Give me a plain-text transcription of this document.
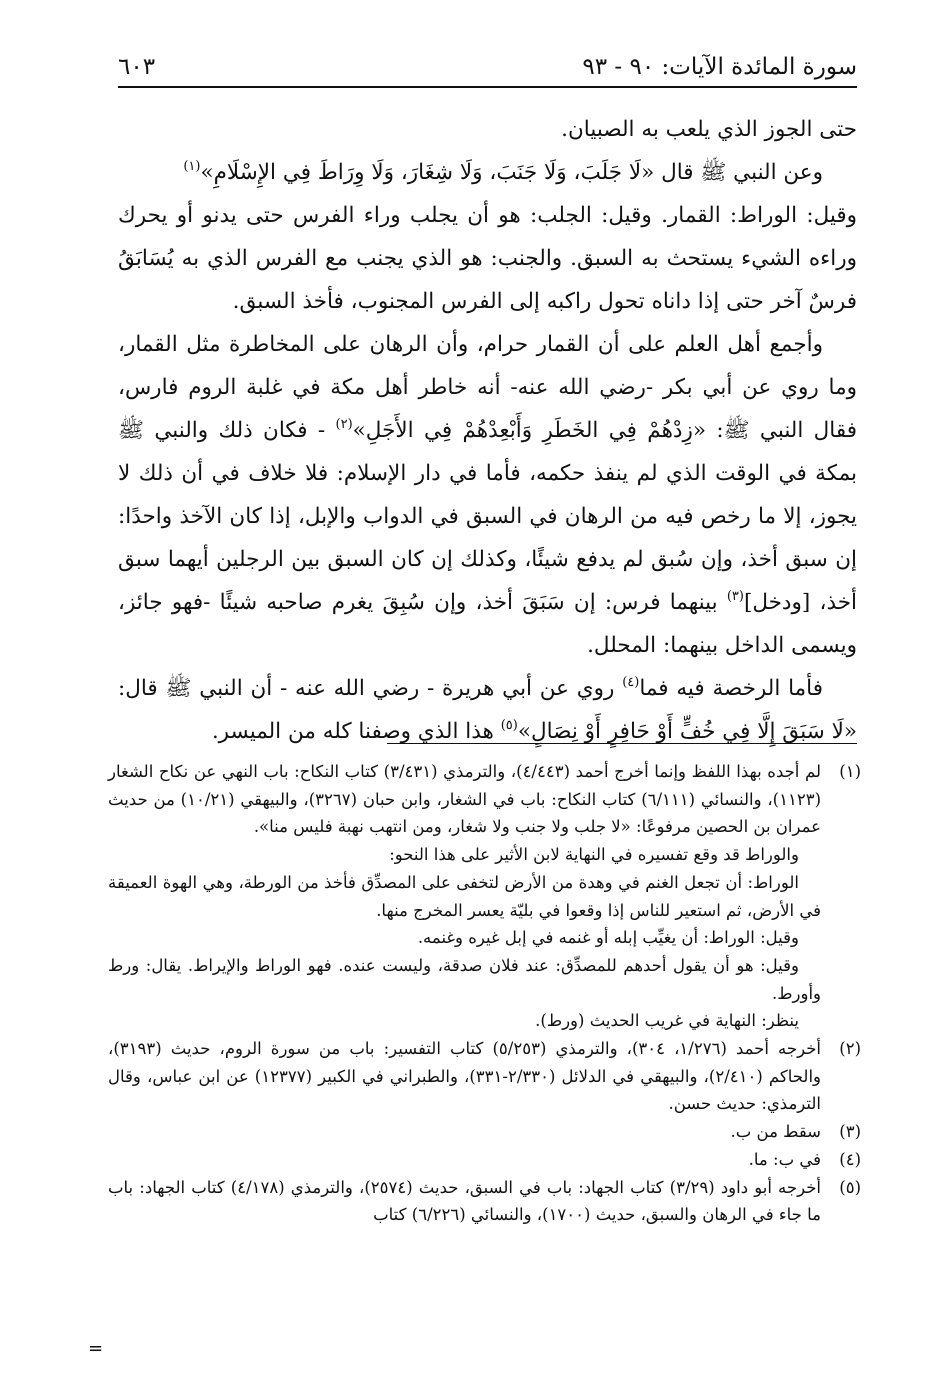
سورة المائدة الآيات: ٩٠ - ٩٣
٦٠٣

حتى الجوز الذي يلعب به الصبيان.

وعن النبي ﷺ قال «لَا جَلَبَ، وَلَا جَنَبَ، وَلَا شِغَارَ، وَلَا وِرَاطَ فِي الإِسْلَامِ»$^{(١)}$

وقيل: الوراط: القمار. وقيل: الجلب: هو أن يجلب وراء الفرس حتى يدنو أو يحرك وراءه الشيء يستحث به السبق. والجنب: هو الذي يجنب مع الفرس الذي به يُسَابَقُ فرسٌ آخر حتى إذا داناه تحول راكبه إلى الفرس المجنوب، فأخذ السبق.

وأجمع أهل العلم على أن القمار حرام، وأن الرهان على المخاطرة مثل القمار، وما روي عن أبي بكر -رضي الله عنه- أنه خاطر أهل مكة في غلبة الروم فارس، فقال النبي ﷺ: «زِدْهُمْ فِي الخَطَرِ وَأَبْعِدْهُمْ فِي الأَجَلِ»$^{(٢)}$ - فكان ذلك والنبي ﷺ بمكة في الوقت الذي لم ينفذ حكمه، فأما في دار الإسلام: فلا خلاف في أن ذلك لا يجوز، إلا ما رخص فيه من الرهان في السبق في الدواب والإبل، إذا كان الآخذ واحدًا: إن سبق أخذ، وإن سُبق لم يدفع شيئًا، وكذلك إن كان السبق بين الرجلين أيهما سبق أخذ، [ودخل]$^{(٣)}$ بينهما فرس: إن سَبَقَ أخذ، وإن سُبِقَ يغرم صاحبه شيئًا -فهو جائز، ويسمى الداخل بينهما: المحلل.

فأما الرخصة فيه فما$^{(٤)}$ روي عن أبي هريرة - رضي الله عنه - أن النبي ﷺ قال: «لَا سَبَقَ إِلَّا فِي خُفٍّ أَوْ حَافِرٍ أَوْ نِصَالٍ»$^{(٥)}$ هذا الذي وصفنا كله من الميسر.

(١)
لم أجده بهذا اللفظ وإنما أخرج أحمد (٤/٤٤٣)، والترمذي (٣/٤٣١) كتاب النكاح: باب النهي عن نكاح الشغار (١١٢٣)، والنسائي (٦/١١١) كتاب النكاح: باب في الشغار، وابن حبان (٣٢٦٧)، والبيهقي (١٠/٢١) من حديث عمران بن الحصين مرفوعًا: «لا جلب ولا جنب ولا شغار، ومن انتهب نهبة فليس منا».

والوراط قد وقع تفسيره في النهاية لابن الأثير على هذا النحو:

الوراط: أن تجعل الغنم في وهدة من الأرض لتخفى على المصدِّق فأخذ من الورطة، وهي الهوة العميقة في الأرض، ثم استعير للناس إذا وقعوا في بليّة يعسر المخرج منها.

وقيل: الوراط: أن يغيِّب إبله أو غنمه في إبل غيره وغنمه.

وقيل: هو أن يقول أحدهم للمصدِّق: عند فلان صدقة، وليست عنده. فهو الوراط والإيراط. يقال: ورط وأورط.

ينظر: النهاية في غريب الحديث (ورط).

(٢)
أخرجه أحمد (١/٢٧٦، ٣٠٤)، والترمذي (٥/٢٥٣) كتاب التفسير: باب من سورة الروم، حديث (٣١٩٣)، والحاكم (٢/٤١٠)، والبيهقي في الدلائل (٢/٣٣٠-٣٣١)، والطبراني في الكبير (١٢٣٧٧) عن ابن عباس، وقال الترمذي: حديث حسن.
(٣)
سقط من ب.
(٤)
في ب: ما.
(٥)
أخرجه أبو داود (٣/٢٩) كتاب الجهاد: باب في السبق، حديث (٢٥٧٤)، والترمذي (٤/١٧٨) كتاب الجهاد: باب ما جاء في الرهان والسبق، حديث (١٧٠٠)، والنسائي (٦/٢٢٦) كتاب
=
